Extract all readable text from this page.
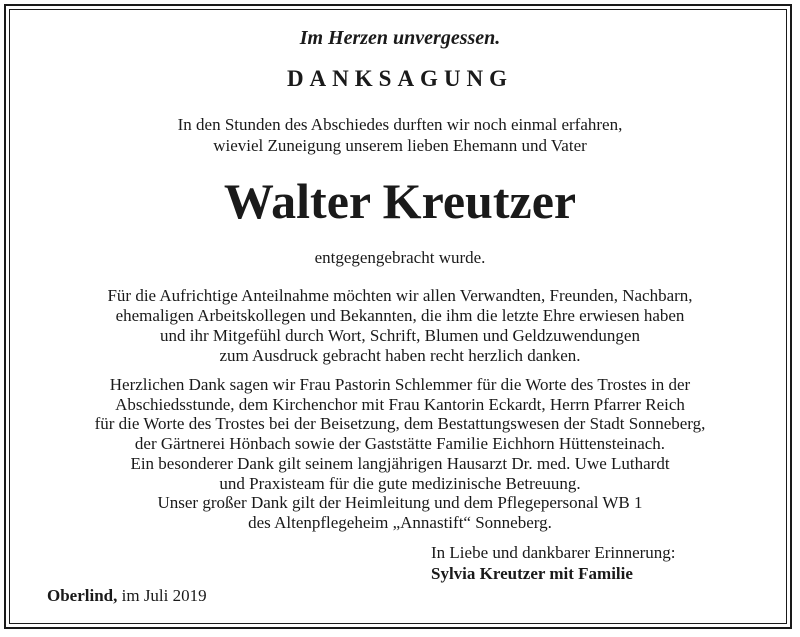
Im Herzen unvergessen.
DANKSAGUNG
In den Stunden des Abschiedes durften wir noch einmal erfahren,
wieviel Zuneigung unserem lieben Ehemann und Vater
Walter Kreutzer
entgegengebracht wurde.
Für die Aufrichtige Anteilnahme möchten wir allen Verwandten, Freunden, Nachbarn,
ehemaligen Arbeitskollegen und Bekannten, die ihm die letzte Ehre erwiesen haben
und ihr Mitgefühl durch Wort, Schrift, Blumen und Geldzuwendungen
zum Ausdruck gebracht haben recht herzlich danken.
Herzlichen Dank sagen wir Frau Pastorin Schlemmer für die Worte des Trostes in der
Abschiedsstunde, dem Kirchenchor mit Frau Kantorin Eckardt, Herrn Pfarrer Reich
für die Worte des Trostes bei der Beisetzung, dem Bestattungswesen der Stadt Sonneberg,
der Gärtnerei Hönbach sowie der Gaststätte Familie Eichhorn Hüttensteinach.
Ein besonderer Dank gilt seinem langjährigen Hausarzt Dr. med. Uwe Luthardt
und Praxisteam für die gute medizinische Betreuung.
Unser großer Dank gilt der Heimleitung und dem Pflegepersonal WB 1
des Altenpflegeheim „Annastift“ Sonneberg.
In Liebe und dankbarer Erinnerung:
Sylvia Kreutzer mit Familie
Oberlind, im Juli 2019
